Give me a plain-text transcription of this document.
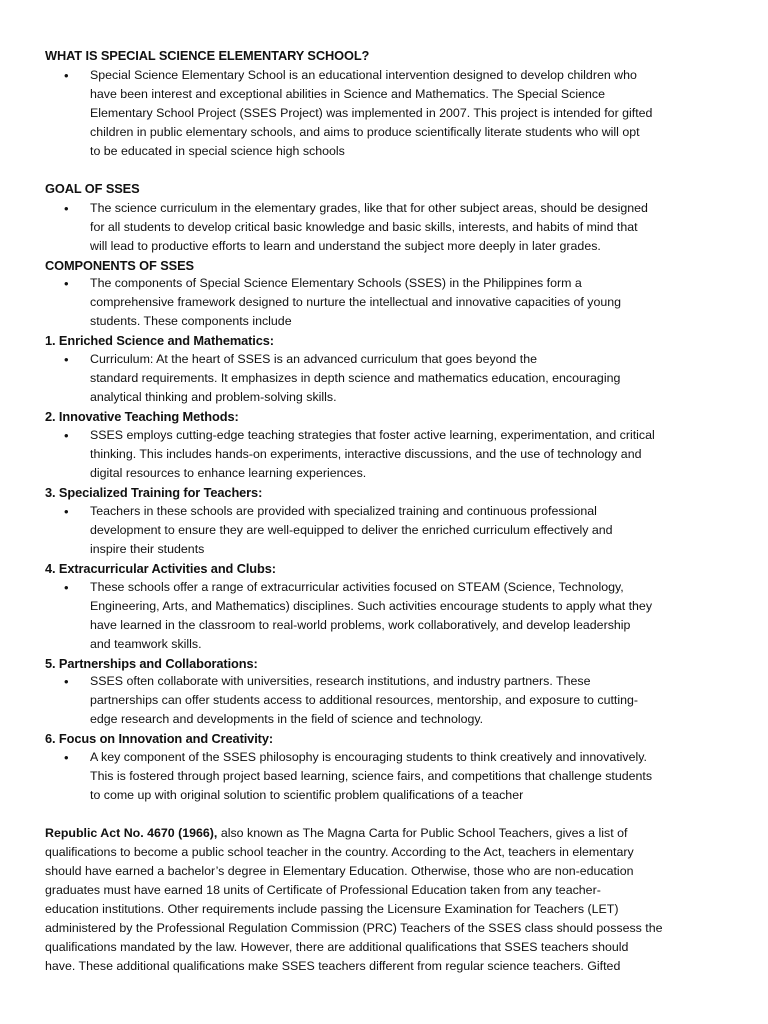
WHAT IS SPECIAL SCIENCE ELEMENTARY SCHOOL?
• Special Science Elementary School is an educational intervention designed to develop children who
have been interest and exceptional abilities in Science and Mathematics. The Special Science
Elementary School Project (SSES Project) was implemented in 2007. This project is intended for gifted
children in public elementary schools, and aims to produce scientifically literate students who will opt
to be educated in special science high schools
GOAL OF SSES
• The science curriculum in the elementary grades, like that for other subject areas, should be designed
for all students to develop critical basic knowledge and basic skills, interests, and habits of mind that
will lead to productive efforts to learn and understand the subject more deeply in later grades.
COMPONENTS OF SSES
• The components of Special Science Elementary Schools (SSES) in the Philippines form a
comprehensive framework designed to nurture the intellectual and innovative capacities of young
students. These components include
1. Enriched Science and Mathematics:
• Curriculum: At the heart of SSES is an advanced curriculum that goes beyond the
standard requirements. It emphasizes in depth science and mathematics education, encouraging
analytical thinking and problem-solving skills.
2. Innovative Teaching Methods:
• SSES employs cutting-edge teaching strategies that foster active learning, experimentation, and critical
thinking. This includes hands-on experiments, interactive discussions, and the use of technology and
digital resources to enhance learning experiences.
3. Specialized Training for Teachers:
• Teachers in these schools are provided with specialized training and continuous professional
development to ensure they are well-equipped to deliver the enriched curriculum effectively and
inspire their students
4. Extracurricular Activities and Clubs:
• These schools offer a range of extracurricular activities focused on STEAM (Science, Technology,
Engineering, Arts, and Mathematics) disciplines. Such activities encourage students to apply what they
have learned in the classroom to real-world problems, work collaboratively, and develop leadership
and teamwork skills.
5. Partnerships and Collaborations:
• SSES often collaborate with universities, research institutions, and industry partners. These
partnerships can offer students access to additional resources, mentorship, and exposure to cutting-
edge research and developments in the field of science and technology.
6. Focus on Innovation and Creativity:
• A key component of the SSES philosophy is encouraging students to think creatively and innovatively.
This is fostered through project based learning, science fairs, and competitions that challenge students
to come up with original solution to scientific problem qualifications of a teacher
Republic Act No. 4670 (1966), also known as The Magna Carta for Public School Teachers, gives a list of
qualifications to become a public school teacher in the country. According to the Act, teachers in elementary
should have earned a bachelor’s degree in Elementary Education. Otherwise, those who are non-education
graduates must have earned 18 units of Certificate of Professional Education taken from any teacher-
education institutions. Other requirements include passing the Licensure Examination for Teachers (LET)
administered by the Professional Regulation Commission (PRC) Teachers of the SSES class should possess the
qualifications mandated by the law. However, there are additional qualifications that SSES teachers should
have. These additional qualifications make SSES teachers different from regular science teachers. Gifted
